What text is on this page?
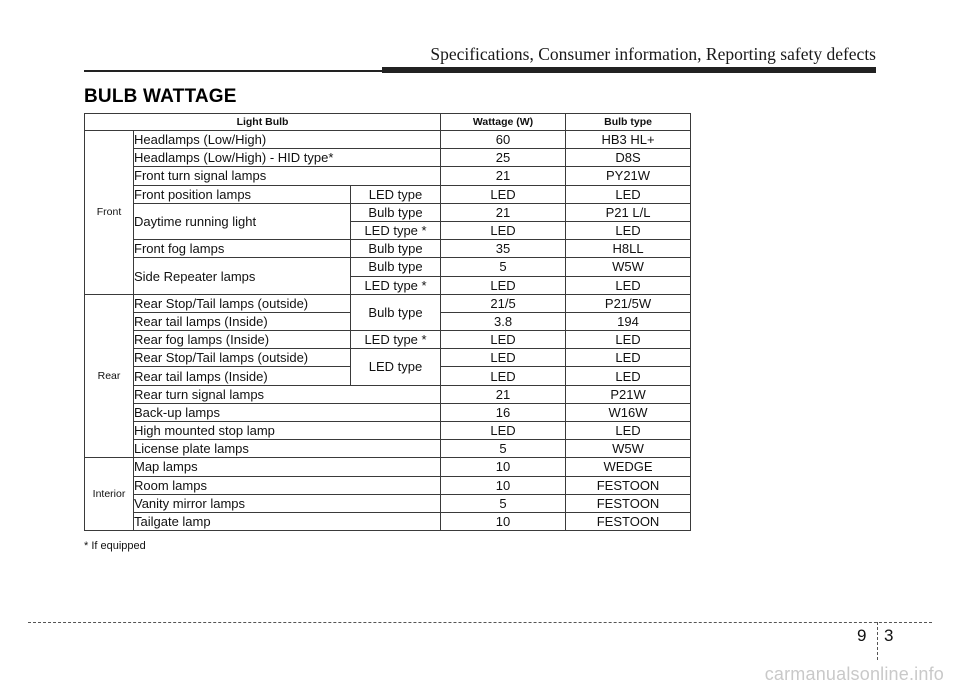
Specifications, Consumer information, Reporting safety defects
BULB WATTAGE
Light Bulb			Wattage (W)	Bulb type
Front	Headlamps (Low/High)		60	HB3 HL+
	Headlamps (Low/High) - HID type*		25	D8S
	Front turn signal lamps		21	PY21W
	Front position lamps	LED type	LED	LED
	Daytime running light	Bulb type	21	P21 L/L
		LED type *	LED	LED
	Front fog lamps	Bulb type	35	H8LL
	Side Repeater lamps	Bulb type	5	W5W
		LED type *	LED	LED
Rear	Rear Stop/Tail lamps (outside)	Bulb type	21/5	P21/5W
	Rear tail lamps (Inside)		3.8	194
	Rear fog lamps (Inside)	LED type *	LED	LED
	Rear Stop/Tail lamps (outside)	LED type	LED	LED
	Rear tail lamps (Inside)		LED	LED
	Rear turn signal lamps		21	P21W
	Back-up lamps		16	W16W
	High mounted stop lamp		LED	LED
	License plate lamps		5	W5W
Interior	Map lamps		10	WEDGE
	Room lamps		10	FESTOON
	Vanity mirror lamps		5	FESTOON
	Tailgate lamp		10	FESTOON
* If equipped
9 3
carmanualsonline.info
